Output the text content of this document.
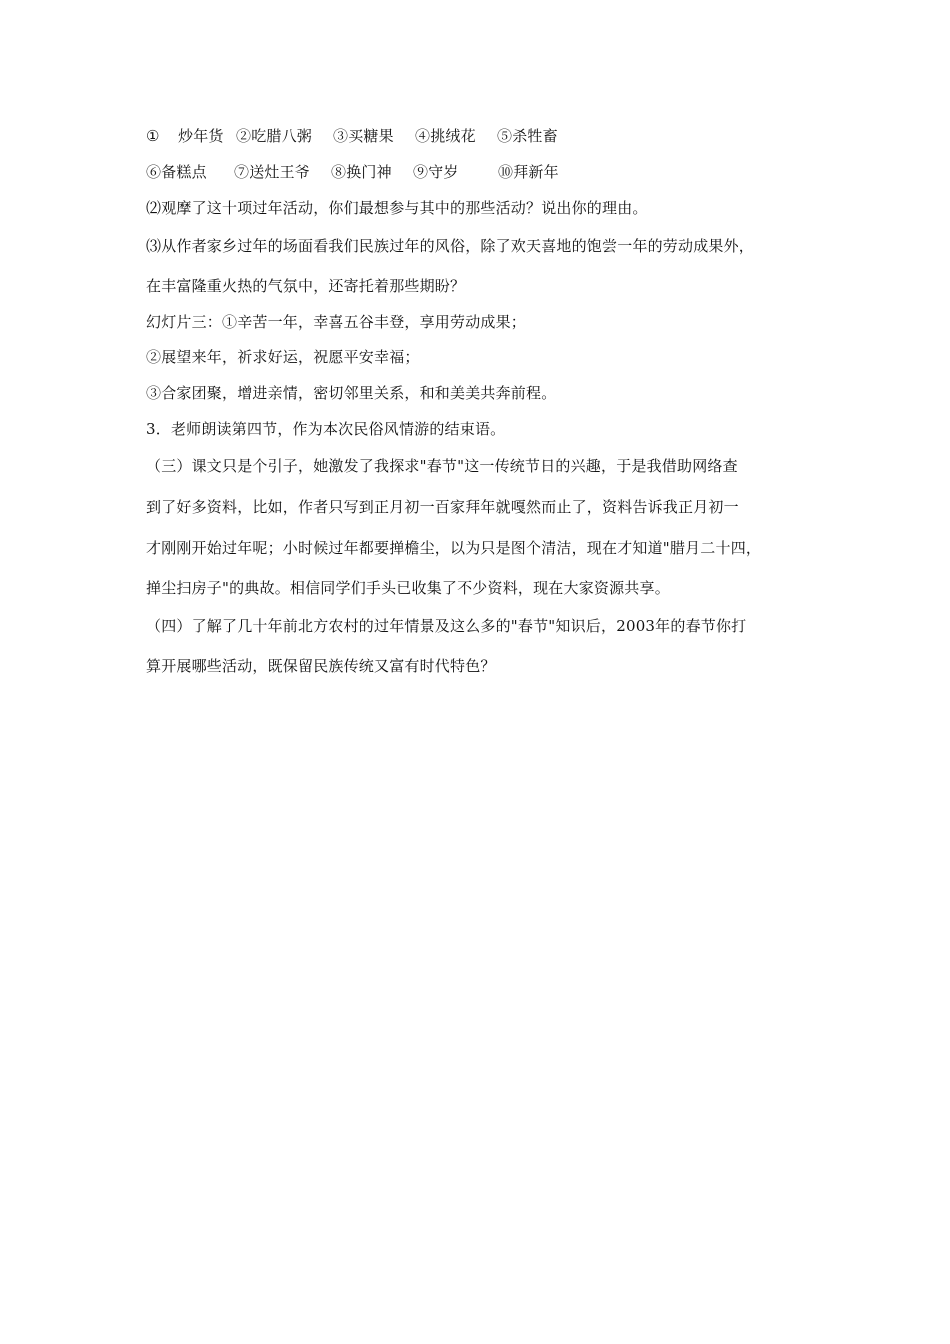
① 炒年货 ②吃腊八粥 ③买糖果 ④挑绒花 ⑤杀牲畜
⑥备糕点 ⑦送灶王爷 ⑧换门神 ⑨守岁	⑩拜新年
⑵观摩了这十项过年活动，你们最想参与其中的那些活动？说出你的理由。
⑶从作者家乡过年的场面看我们民族过年的风俗，除了欢天喜地的饱尝一年的劳动成果外，
在丰富隆重火热的气氛中，还寄托着那些期盼？
幻灯片三：①辛苦一年，幸喜五谷丰登，享用劳动成果；
②展望来年，祈求好运，祝愿平安幸福；
③合家团聚，增进亲情，密切邻里关系，和和美美共奔前程。
3．老师朗读第四节，作为本次民俗风情游的结束语。
（三）课文只是个引子，她激发了我探求"春节"这一传统节日的兴趣，于是我借助网络查
到了好多资料，比如，作者只写到正月初一百家拜年就嘎然而止了，资料告诉我正月初一
才刚刚开始过年呢；小时候过年都要掸檐尘，以为只是图个清洁，现在才知道"腊月二十四，
掸尘扫房子"的典故。相信同学们手头已收集了不少资料，现在大家资源共享。
（四）了解了几十年前北方农村的过年情景及这么多的"春节"知识后，2003年的春节你打
算开展哪些活动，既保留民族传统又富有时代特色？
